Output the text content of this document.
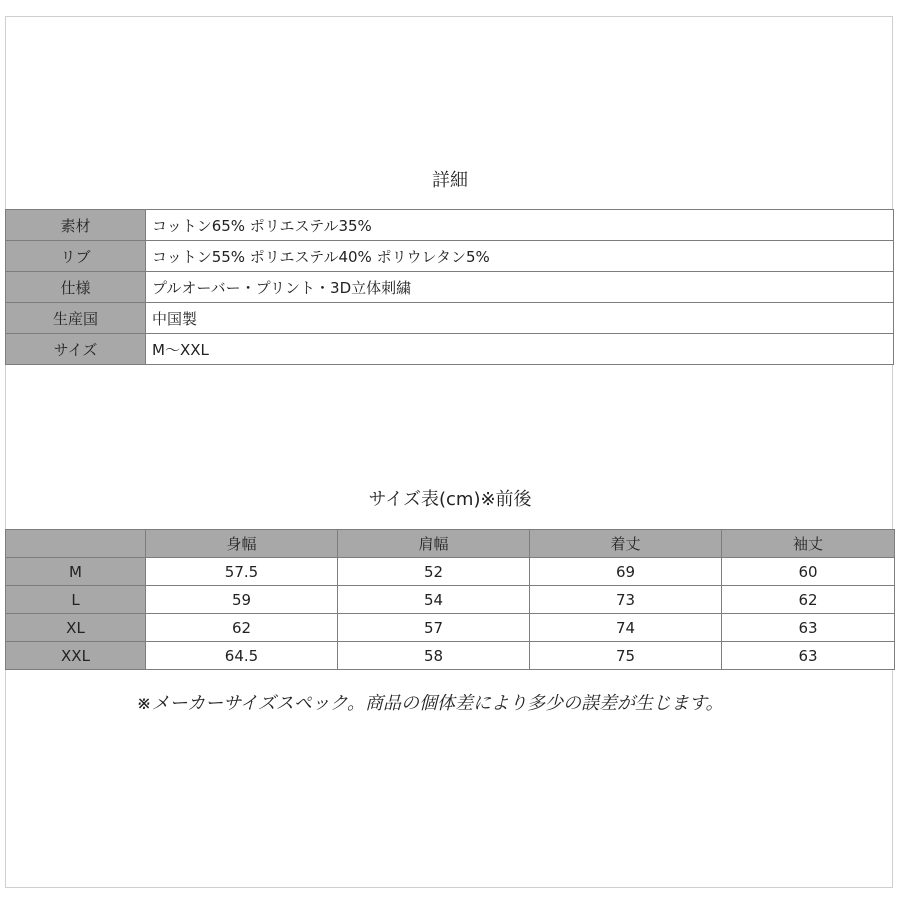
詳細
素材	コットン65% ポリエステル35%
リブ	コットン55% ポリエステル40% ポリウレタン5%
仕様	プルオーバー・プリント・3D立体刺繍
生産国	中国製
サイズ	M〜XXL
サイズ表(cm)※前後
	身幅	肩幅	着丈	袖丈
M	57.5	52	69	60
L	59	54	73	62
XL	62	57	74	63
XXL	64.5	58	75	63
※メーカーサイズスペック。商品の個体差により多少の誤差が生じます。
